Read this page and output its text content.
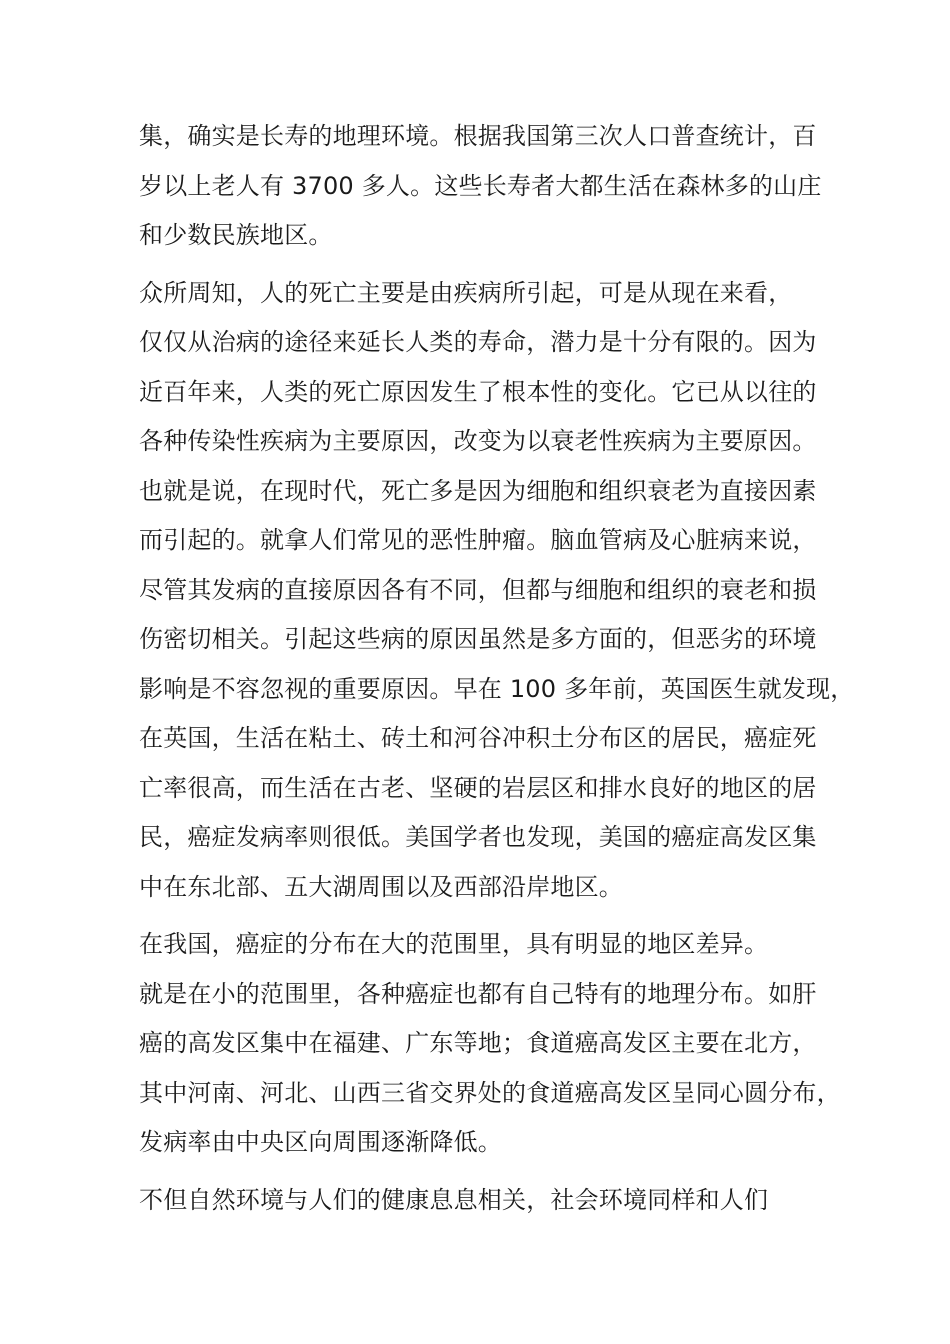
集，确实是长寿的地理环境。根据我国第三次人口普查统计，百
岁以上老人有 3700 多人。这些长寿者大都生活在森林多的山庄
和少数民族地区。

众所周知，人的死亡主要是由疾病所引起，可是从现在来看，
仅仅从治病的途径来延长人类的寿命，潜力是十分有限的。因为
近百年来，人类的死亡原因发生了根本性的变化。它已从以往的
各种传染性疾病为主要原因，改变为以衰老性疾病为主要原因。
也就是说，在现时代，死亡多是因为细胞和组织衰老为直接因素
而引起的。就拿人们常见的恶性肿瘤。脑血管病及心脏病来说，
尽管其发病的直接原因各有不同，但都与细胞和组织的衰老和损
伤密切相关。引起这些病的原因虽然是多方面的，但恶劣的环境
影响是不容忽视的重要原因。早在 100 多年前，英国医生就发现，
在英国，生活在粘土、砖土和河谷冲积土分布区的居民，癌症死
亡率很高，而生活在古老、坚硬的岩层区和排水良好的地区的居
民，癌症发病率则很低。美国学者也发现，美国的癌症高发区集
中在东北部、五大湖周围以及西部沿岸地区。

在我国，癌症的分布在大的范围里，具有明显的地区差异。
就是在小的范围里，各种癌症也都有自己特有的地理分布。如肝
癌的高发区集中在福建、广东等地；食道癌高发区主要在北方，
其中河南、河北、山西三省交界处的食道癌高发区呈同心圆分布，
发病率由中央区向周围逐渐降低。

不但自然环境与人们的健康息息相关，社会环境同样和人们
